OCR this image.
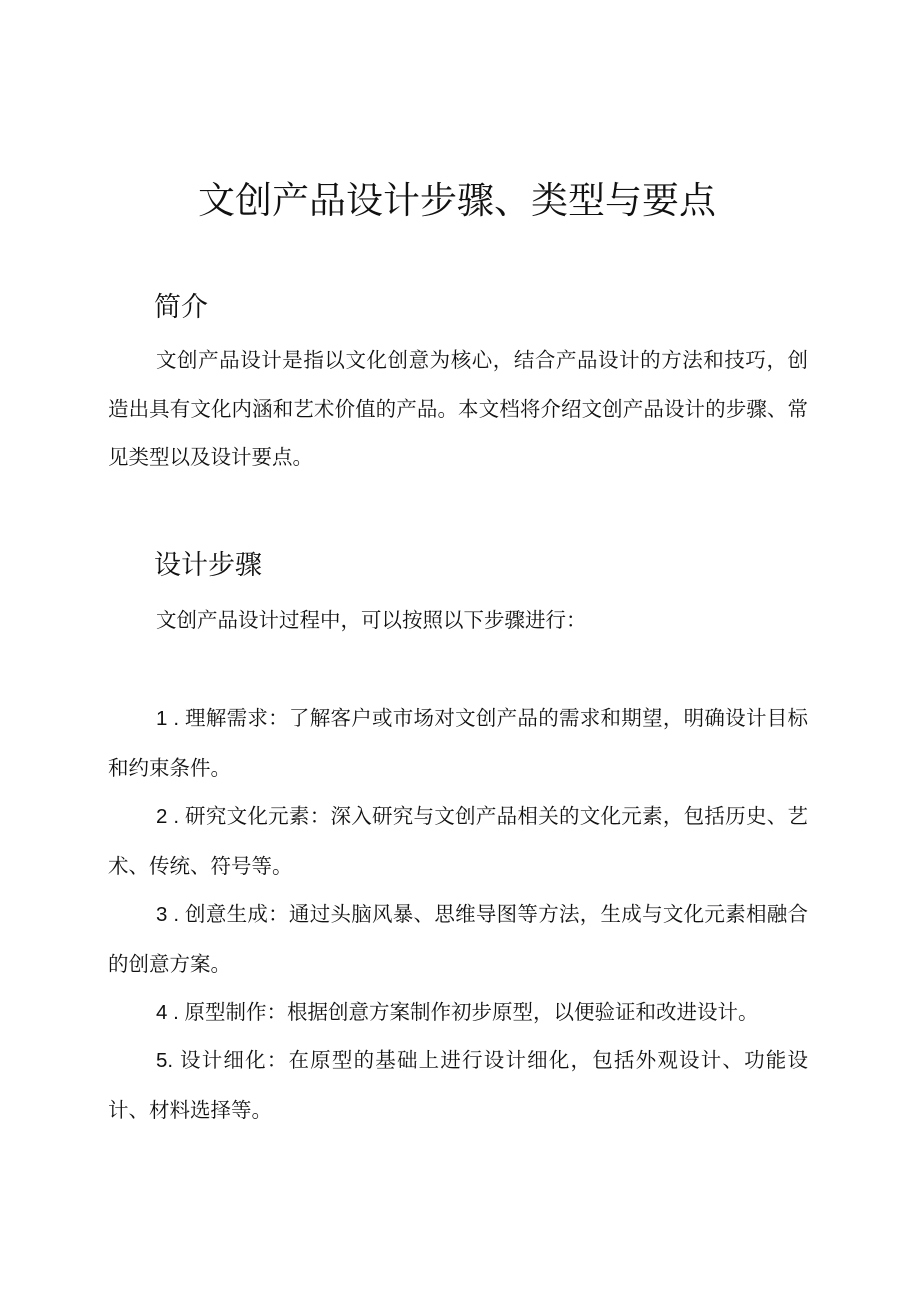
文创产品设计步骤、类型与要点
简介

文创产品设计是指以文化创意为核心，结合产品设计的方法和技巧，创造出具有文化内涵和艺术价值的产品。本文档将介绍文创产品设计的步骤、常见类型以及设计要点。

设计步骤

文创产品设计过程中，可以按照以下步骤进行：

1 . 理解需求：了解客户或市场对文创产品的需求和期望，明确设计目标和约束条件。

2 . 研究文化元素：深入研究与文创产品相关的文化元素，包括历史、艺术、传统、符号等。

3 . 创意生成：通过头脑风暴、思维导图等方法，生成与文化元素相融合的创意方案。

4 . 原型制作：根据创意方案制作初步原型，以便验证和改进设计。

5. 设计细化：在原型的基础上进行设计细化，包括外观设计、功能设计、材料选择等。
